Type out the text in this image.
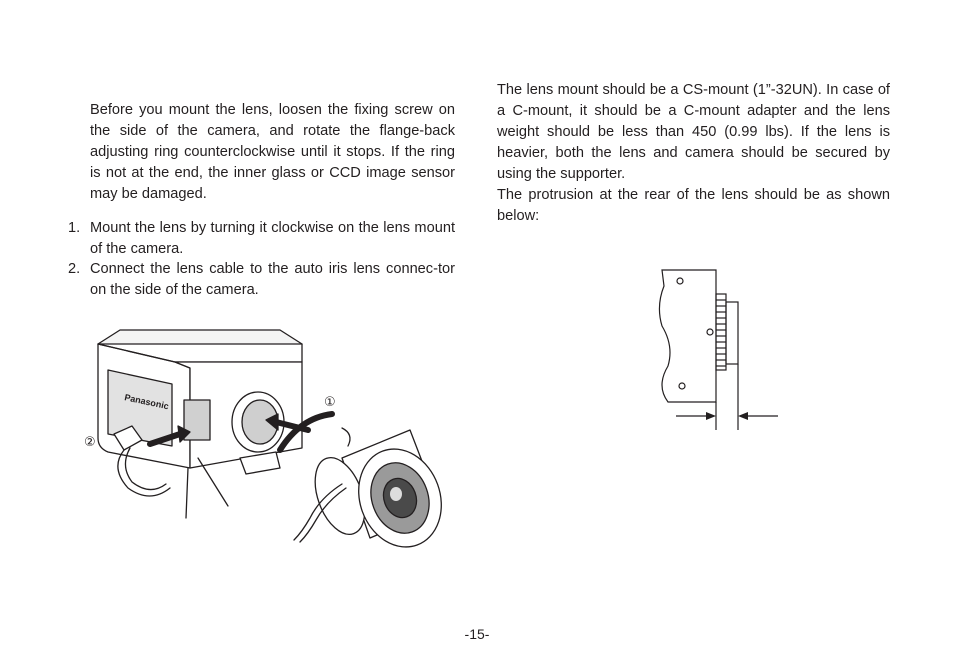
Before you mount the lens, loosen the fixing screw on the side of the camera, and rotate the flange-back adjusting ring counterclockwise until it stops. If the ring is not at the end, the inner glass or CCD image sensor may be damaged.

1. Mount the lens by turning it clockwise on the lens mount of the camera.
2. Connect the lens cable to the auto iris lens connec-tor on the side of the camera.

The lens mount should be a CS-mount (1”-32UN). In case of a C-mount, it should be a C-mount adapter and the lens weight should be less than 450 (0.99 lbs). If the lens is heavier, both the lens and camera should be secured by using the supporter.

The protrusion at the rear of the lens should be as shown below:

Panasonic	①
②
-15-
